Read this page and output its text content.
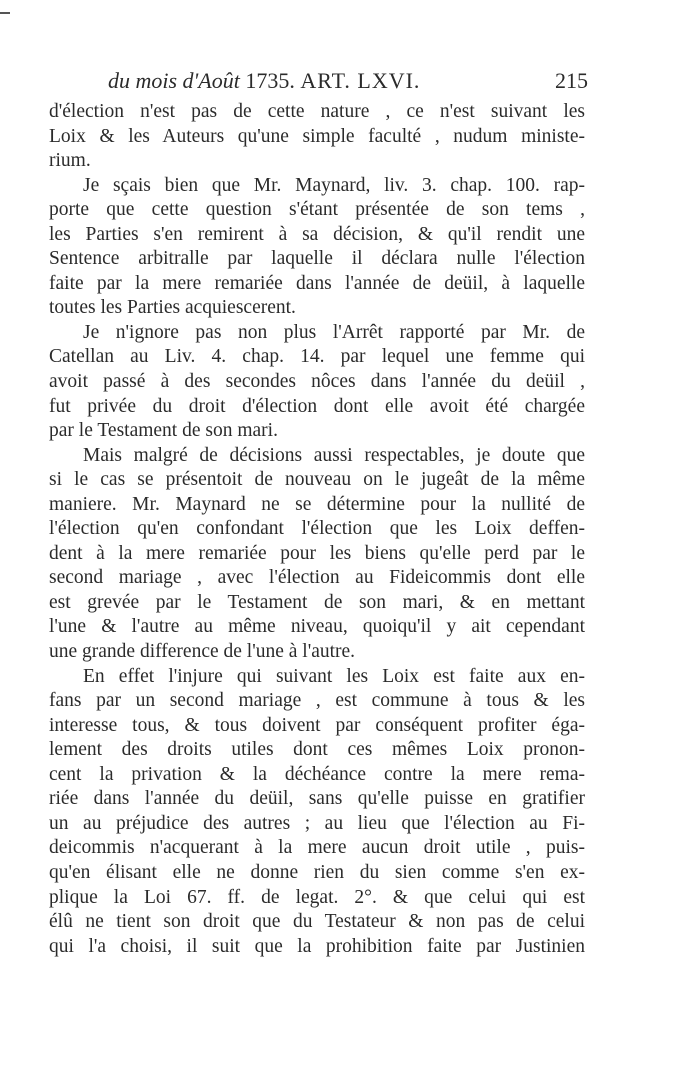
du mois d'Août 1735. ART. LXVI.	215
d'élection n'est pas de cette nature , ce n'est suivant les
Loix & les Auteurs qu'une simple faculté , nudum ministe-
rium.
Je sçais bien que Mr. Maynard, liv. 3. chap. 100. rap-
porte que cette question s'étant présentée de son tems ,
les Parties s'en remirent à sa décision, & qu'il rendit une
Sentence arbitralle par laquelle il déclara nulle l'élection
faite par la mere remariée dans l'année de deüil, à laquelle
toutes les Parties acquiescerent.
Je n'ignore pas non plus l'Arrêt rapporté par Mr. de
Catellan au Liv. 4. chap. 14. par lequel une femme qui
avoit passé à des secondes nôces dans l'année du deüil ,
fut privée du droit d'élection dont elle avoit été chargée
par le Testament de son mari.
Mais malgré de décisions aussi respectables, je doute que
si le cas se présentoit de nouveau on le jugeât de la même
maniere. Mr. Maynard ne se détermine pour la nullité de
l'élection qu'en confondant l'élection que les Loix deffen-
dent à la mere remariée pour les biens qu'elle perd par le
second mariage , avec l'élection au Fideicommis dont elle
est grevée par le Testament de son mari, & en mettant
l'une & l'autre au même niveau, quoiqu'il y ait cependant
une grande difference de l'une à l'autre.
En effet l'injure qui suivant les Loix est faite aux en-
fans par un second mariage , est commune à tous & les
interesse tous, & tous doivent par conséquent profiter éga-
lement des droits utiles dont ces mêmes Loix pronon-
cent la privation & la déchéance contre la mere rema-
riée dans l'année du deüil, sans qu'elle puisse en gratifier
un au préjudice des autres ; au lieu que l'élection au Fi-
deicommis n'acquerant à la mere aucun droit utile , puis-
qu'en élisant elle ne donne rien du sien comme s'en ex-
plique la Loi 67. ff. de legat. 2°. & que celui qui est
élû ne tient son droit que du Testateur & non pas de celui
qui l'a choisi, il suit que la prohibition faite par Justinien
